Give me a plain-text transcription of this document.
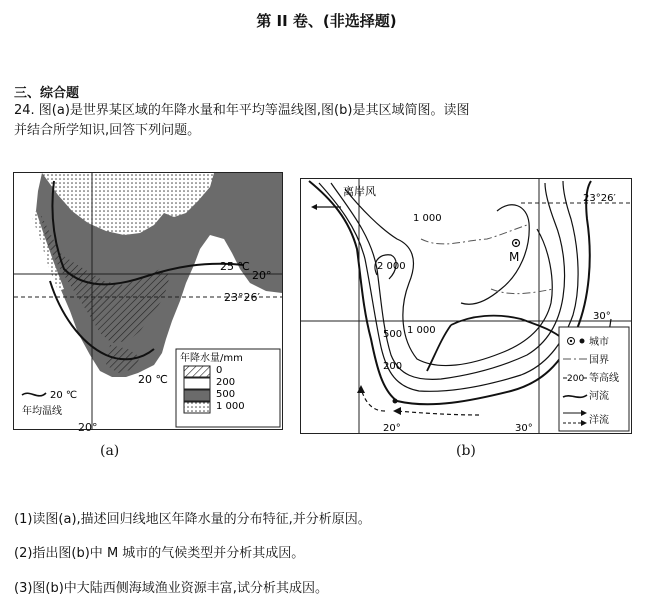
第 II 卷、(非选择题)
三、综合题
24. 图(a)是世界某区域的年降水量和年平均等温线图,图(b)是其区域简图。读图
并结合所学知识,回答下列问题。
25 ℃
20°
23°26′
20 ℃
年降水量/mm
0
200
500
1 000
20 ℃
年均温线
20°
(a)
离岸风
1 000
2 000
M
500 1 000
200
23°26′
30°
20°	30°
城市
国界
200 等高线
河流
洋流
(b)
(1)读图(a),描述回归线地区年降水量的分布特征,并分析原因。
(2)指出图(b)中 M 城市的气候类型并分析其成因。
(3)图(b)中大陆西侧海域渔业资源丰富,试分析其成因。
